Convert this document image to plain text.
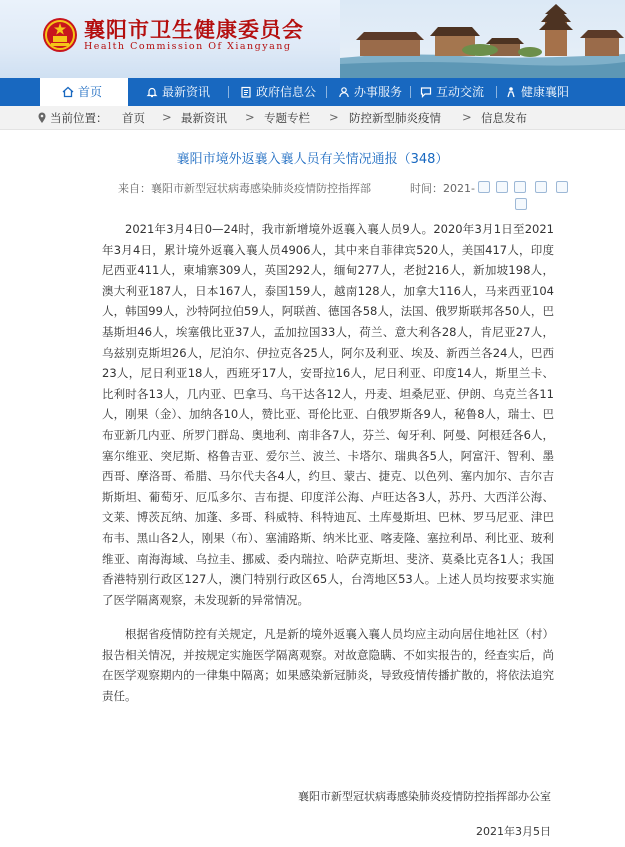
襄阳市卫生健康委员会
Health Commission Of Xiangyang
首页	最新资讯	政府信息公	办事服务	互动交流	健康襄阳
当前位置： 首页 > 最新资讯 > 专题专栏 > 防控新型肺炎疫情 > 信息发布
襄阳市境外返襄入襄人员有关情况通报（348）
来自：襄阳市新型冠状病毒感染肺炎疫情防控指挥部	时间：2021-

2021年3月4日0—24时，我市新增境外返襄入襄人员9人。2020年3月1日至2021年3月4日，累计境外返襄入襄人员4906人，其中来自菲律宾520人，美国417人，印度尼西亚411人，柬埔寨309人，英国292人，缅甸277人，老挝216人，新加坡198人，澳大利亚187人，日本167人，泰国159人，越南128人，加拿大116人，马来西亚104人，韩国99人，沙特阿拉伯59人，阿联酋、德国各58人，法国、俄罗斯联邦各50人，巴基斯坦46人，埃塞俄比亚37人，孟加拉国33人，荷兰、意大利各28人，肯尼亚27人，乌兹别克斯坦26人，尼泊尔、伊拉克各25人，阿尔及利亚、埃及、新西兰各24人，巴西23人，尼日利亚18人，西班牙17人，安哥拉16人，尼日利亚、印度14人，斯里兰卡、比利时各13人，几内亚、巴拿马、乌干达各12人，丹麦、坦桑尼亚、伊朗、乌克兰各11人，刚果（金）、加纳各10人，赞比亚、哥伦比亚、白俄罗斯各9人，秘鲁8人，瑞士、巴布亚新几内亚、所罗门群岛、奥地利、南非各7人，芬兰、匈牙利、阿曼、阿根廷各6人，塞尔维亚、突尼斯、格鲁吉亚、爱尔兰、波兰、卡塔尔、瑞典各5人，阿富汗、智利、墨西哥、摩洛哥、希腊、马尔代夫各4人，约旦、蒙古、捷克、以色列、塞内加尔、吉尔吉斯斯坦、葡萄牙、厄瓜多尔、吉布提、印度洋公海、卢旺达各3人，苏丹、大西洋公海、文莱、博茨瓦纳、加蓬、多哥、科威特、科特迪瓦、土库曼斯坦、巴林、罗马尼亚、津巴布韦、黑山各2人，刚果（布）、塞浦路斯、纳米比亚、喀麦隆、塞拉利昂、利比亚、玻利维亚、南海海域、乌拉圭、挪威、委内瑞拉、哈萨克斯坦、斐济、莫桑比克各1人；我国香港特别行政区127人，澳门特别行政区65人，台湾地区53人。上述人员均按要求实施了医学隔离观察，未发现新的异常情况。

根据省疫情防控有关规定，凡是新的境外返襄入襄人员均应主动向居住地社区（村）报告相关情况，并按规定实施医学隔离观察。对故意隐瞒、不如实报告的，经查实后，尚在医学观察期内的一律集中隔离；如果感染新冠肺炎，导致疫情传播扩散的，将依法追究责任。

襄阳市新型冠状病毒感染肺炎疫情防控指挥部办公室
2021年3月5日
